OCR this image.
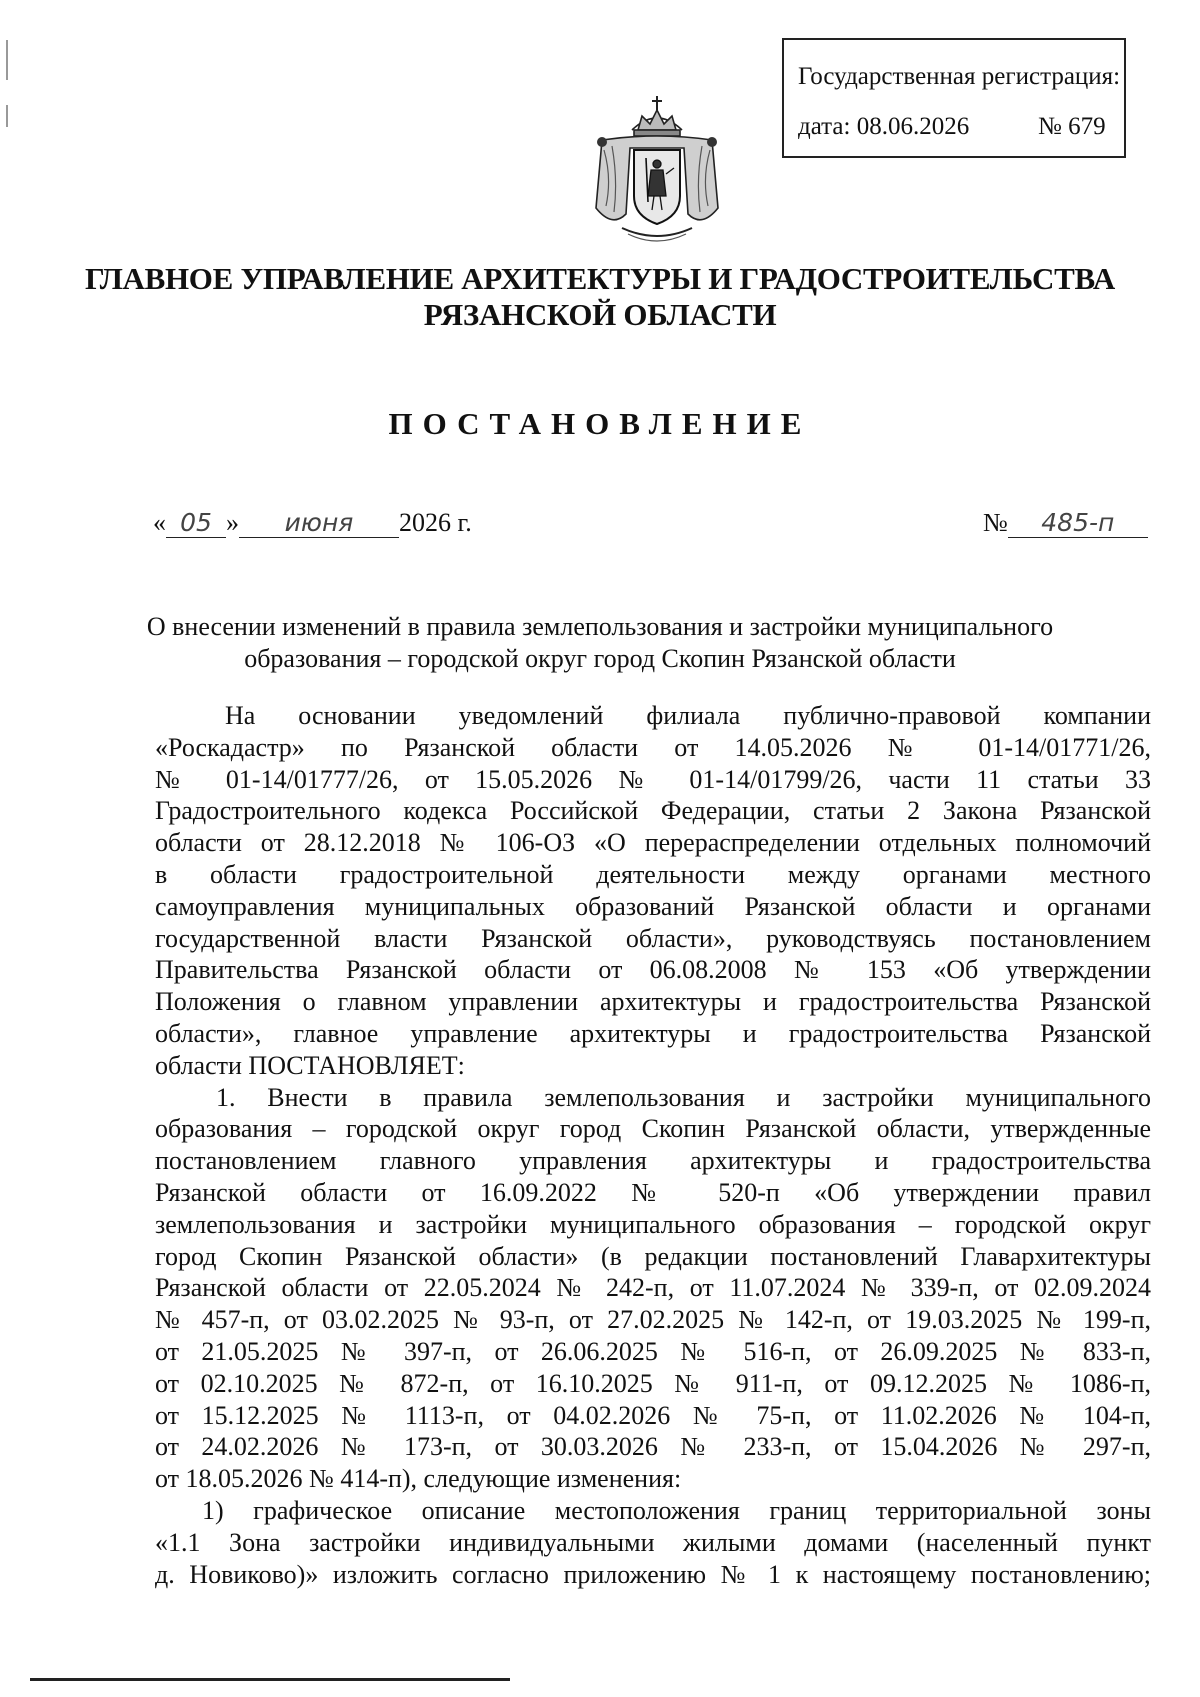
Государственная регистрация:
дата: 08.06.2026	№ 679
ГЛАВНОЕ УПРАВЛЕНИЕ АРХИТЕКТУРЫ И ГРАДОСТРОИТЕЛЬСТВА
РЯЗАНСКОЙ ОБЛАСТИ
ПОСТАНОВЛЕНИЕ
« 05 » июня 2026 г.	№ 485-п
О внесении изменений в правила землепользования и застройки муниципального
образования – городской округ город Скопин Рязанской области
На основании уведомлений филиала публично-правовой компании
«Роскадастр» по Рязанской области от 14.05.2026 № 01-14/01771/26,
№ 01-14/01777/26, от 15.05.2026 № 01-14/01799/26, части 11 статьи 33
Градостроительного кодекса Российской Федерации, статьи 2 Закона Рязанской
области от 28.12.2018 № 106-ОЗ «О перераспределении отдельных полномочий
в области градостроительной деятельности между органами местного
самоуправления муниципальных образований Рязанской области и органами
государственной власти Рязанской области», руководствуясь постановлением
Правительства Рязанской области от 06.08.2008 № 153 «Об утверждении
Положения о главном управлении архитектуры и градостроительства Рязанской
области», главное управление архитектуры и градостроительства Рязанской
области ПОСТАНОВЛЯЕТ:
1. Внести в правила землепользования и застройки муниципального
образования – городской округ город Скопин Рязанской области, утвержденные
постановлением главного управления архитектуры и градостроительства
Рязанской области от 16.09.2022 № 520-п «Об утверждении правил
землепользования и застройки муниципального образования – городской округ
город Скопин Рязанской области» (в редакции постановлений Главархитектуры
Рязанской области от 22.05.2024 № 242-п, от 11.07.2024 № 339-п, от 02.09.2024
№ 457-п, от 03.02.2025 № 93-п, от 27.02.2025 № 142-п, от 19.03.2025 № 199-п,
от 21.05.2025 № 397-п, от 26.06.2025 № 516-п, от 26.09.2025 № 833-п,
от 02.10.2025 № 872-п, от 16.10.2025 № 911-п, от 09.12.2025 № 1086-п,
от 15.12.2025 № 1113-п, от 04.02.2026 № 75-п, от 11.02.2026 № 104-п,
от 24.02.2026 № 173-п, от 30.03.2026 № 233-п, от 15.04.2026 № 297-п,
от 18.05.2026 № 414-п), следующие изменения:
1) графическое описание местоположения границ территориальной зоны
«1.1 Зона застройки индивидуальными жилыми домами (населенный пункт
д. Новиково)» изложить согласно приложению № 1 к настоящему постановлению;
